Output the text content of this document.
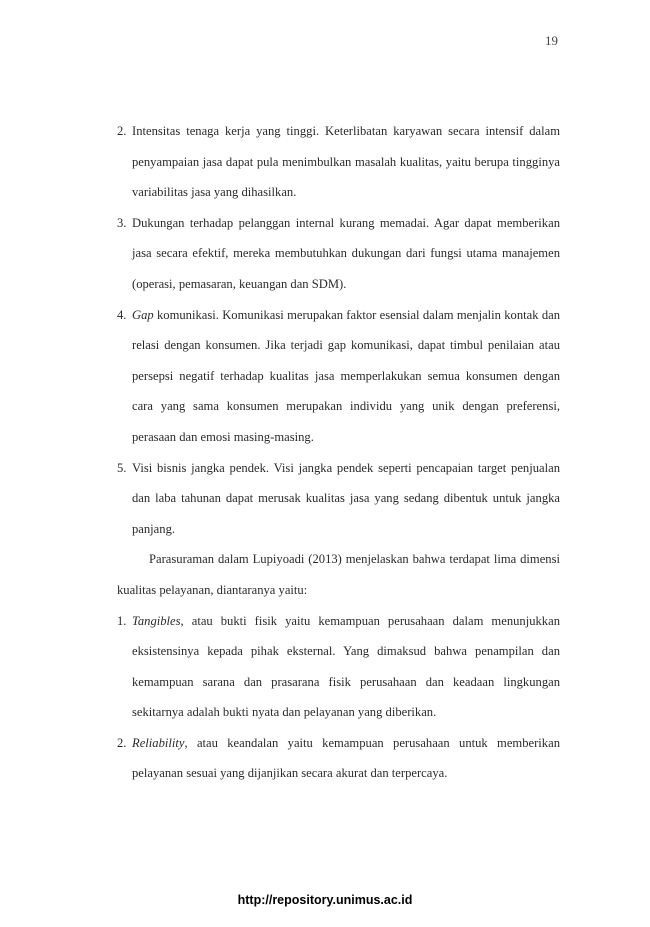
19
2. Intensitas tenaga kerja yang tinggi. Keterlibatan karyawan secara intensif dalam penyampaian jasa dapat pula menimbulkan masalah kualitas, yaitu berupa tingginya variabilitas jasa yang dihasilkan.

3. Dukungan terhadap pelanggan internal kurang memadai. Agar dapat memberikan jasa secara efektif, mereka membutuhkan dukungan dari fungsi utama manajemen (operasi, pemasaran, keuangan dan SDM).

4. Gap komunikasi. Komunikasi merupakan faktor esensial dalam menjalin kontak dan relasi dengan konsumen. Jika terjadi gap komunikasi, dapat timbul penilaian atau persepsi negatif terhadap kualitas jasa memperlakukan semua konsumen dengan cara yang sama konsumen merupakan individu yang unik dengan preferensi, perasaan dan emosi masing-masing.

5. Visi bisnis jangka pendek. Visi jangka pendek seperti pencapaian target penjualan dan laba tahunan dapat merusak kualitas jasa yang sedang dibentuk untuk jangka panjang.

Parasuraman dalam Lupiyoadi (2013) menjelaskan bahwa terdapat lima dimensi kualitas pelayanan, diantaranya yaitu:

1. Tangibles, atau bukti fisik yaitu kemampuan perusahaan dalam menunjukkan eksistensinya kepada pihak eksternal. Yang dimaksud bahwa penampilan dan kemampuan sarana dan prasarana fisik perusahaan dan keadaan lingkungan sekitarnya adalah bukti nyata dan pelayanan yang diberikan.

2. Reliability, atau keandalan yaitu kemampuan perusahaan untuk memberikan pelayanan sesuai yang dijanjikan secara akurat dan terpercaya.

http://repository.unimus.ac.id
